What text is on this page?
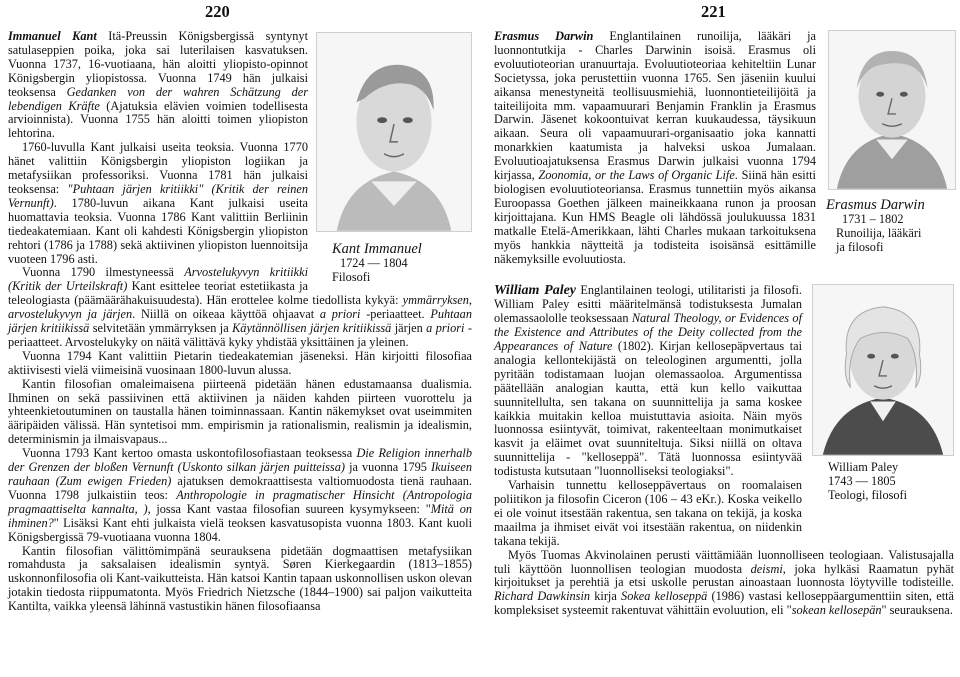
220
Kant Immanuel
1724 — 1804
Filosofi

Immanuel Kant Itä-Preussin Königsbergissä syntynyt satulaseppien poika, joka sai luterilaisen kasvatuksen. Vuonna 1737, 16-vuotiaana, hän aloitti yliopisto-opinnot Königsbergin yliopistossa. Vuonna 1749 hän julkaisi teoksensa Gedanken von der wahren Schätzung der lebendigen Kräfte (Ajatuksia elävien voimien todellisesta arvioinnista). Vuonna 1755 hän aloitti toimen yliopiston lehtorina.

1760-luvulla Kant julkaisi useita teoksia. Vuonna 1770 hänet valittiin Königsbergin yliopiston logiikan ja metafysiikan professoriksi. Vuonna 1781 hän julkaisi teoksensa: "Puhtaan järjen kritiikki" (Kritik der reinen Vernunft). 1780-luvun aikana Kant julkaisi useita huomattavia teoksia. Vuonna 1786 Kant valittiin Berliinin tiedeakatemiaan. Kant oli kahdesti Königsbergin yliopiston rehtori (1786 ja 1788) sekä aktiivinen yliopiston luennoitsija vuoteen 1796 asti.

Vuonna 1790 ilmestyneessä Arvostelukyvyn kritiikki (Kritik der Urteilskraft) Kant esittelee teoriat estetiikasta ja teleologiasta (päämäärähakuisuudesta). Hän erottelee kolme tiedollista kykyä: ymmärryksen, arvostelukyvyn ja järjen. Niillä on oikeaa käyttöä ohjaavat a priori -periaatteet. Puhtaan järjen kritiikissä selvitetään ymmärryksen ja Käytännöllisen järjen kritiikissä järjen a priori -periaatteet. Arvostelukyky on näitä välittävä kyky yhdistää yksittäinen ja yleinen.

Vuonna 1794 Kant valittiin Pietarin tiedeakatemian jäseneksi. Hän kirjoitti filosofiaa aktiivisesti vielä viimeisinä vuosinaan 1800-luvun alussa.

Kantin filosofian omaleimaisena piirteenä pidetään hänen edustamaansa dualismia. Ihminen on sekä passiivinen että aktiivinen ja näiden kahden piirteen vuorottelu ja yhteenkietoutuminen on taustalla hänen toiminnassaan. Kantin näkemykset ovat useimmiten ääripäiden välissä. Hän syntetisoi mm. empirismin ja rationalismin, realismin ja idealismin, determinismin ja ilmaisvapaus...

Vuonna 1793 Kant kertoo omasta uskontofilosofiastaan teoksessa Die Religion innerhalb der Grenzen der bloßen Vernunft (Uskonto silkan järjen puitteissa) ja vuonna 1795 Ikuiseen rauhaan (Zum ewigen Frieden) ajatuksen demokraattisesta valtiomuodosta tienä rauhaan. Vuonna 1798 julkaistiin teos: Anthropologie in pragmatischer Hinsicht (Antropologia pragmaattiselta kannalta, ), jossa Kant vastaa filosofian suureen kysymykseen: "Mitä on ihminen?" Lisäksi Kant ehti julkaista vielä teoksen kasvatusopista vuonna 1803. Kant kuoli Königsbergissä 79-vuotiaana vuonna 1804.

Kantin filosofian välittömimpänä seurauksena pidetään dogmaattisen metafysiikan romahdusta ja saksalaisen idealismin syntyä. Søren Kierkegaardin (1813–1855) uskonnonfilosofia oli Kant-vaikutteista. Hän katsoi Kantin tapaan uskonnollisen uskon olevan jotakin tiedosta riippumatonta. Myös Friedrich Nietzsche (1844–1900) sai paljon vaikutteita Kantilta, vaikka yleensä lähinnä vastustikin hänen filosofiaansa

221
Erasmus Darwin
1731 – 1802
Runoilija, lääkäri
ja filosofi

Erasmus Darwin Englantilainen runoilija, lääkäri ja luonnontutkija - Charles Darwinin isoisä. Erasmus oli evoluutioteorian uranuurtaja. Evoluutioteoriaa kehiteltiin Lunar Societyssa, joka perustettiin vuonna 1765. Sen jäseniin kuului aikansa menestyneitä teollisuusmiehiä, luonnontieteilijöitä ja taiteilijoita mm. vapaamuurari Benjamin Franklin ja Erasmus Darwin. Jäsenet kokoontuivat kerran kuukaudessa, täysikuun aikaan. Seura oli vapaamuurari-organisaatio joka kannatti monarkkien kaatumista ja halveksi uskoa Jumalaan. Evoluutioajatuksensa Erasmus Darwin julkaisi vuonna 1794 kirjassa, Zoonomia, or the Laws of Organic Life. Siinä hän esitti biologisen evoluutioteoriansa. Erasmus tunnettiin myös aikansa Euroopassa Goethen jälkeen maineikkaana runon ja proosan kirjoittajana. Kun HMS Beagle oli lähdössä joulukuussa 1831 matkalle Etelä-Amerikkaan, lähti Charles mukaan tarkoituksena myös hankkia näytteitä ja todisteita isoisänsä esittämille näkemyksille evoluutiosta.

William Paley
1743 — 1805
Teologi, filosofi

William Paley Englantilainen teologi, utilitaristi ja filosofi. William Paley esitti määritelmänsä todistuksesta Jumalan olemassaololle teoksessaan Natural Theology, or Evidences of the Existence and Attributes of the Deity collected from the Appearances of Nature (1802). Kirjan kellosepäpvertaus tai analogia kellontekijästä on teleologinen argumentti, jolla pyritään todistamaan luojan olemassaoloa. Argumentissa päätellään analogian kautta, että kun kello vaikuttaa suunnitellulta, sen takana on suunnittelija ja sama koskee kaikkia muitakin kelloa muistuttavia asioita. Näin myös luonnossa esiintyvät, toimivat, rakenteeltaan monimutkaiset kasvit ja eläimet ovat suunniteltuja. Siksi niillä on oltava suunnittelija - "kelloseppä". Tätä luonnossa esiintyvää todistusta kutsutaan "luonnolliseksi teologiaksi".

Varhaisin tunnettu kelloseppävertaus on roomalaisen poliitikon ja filosofin Ciceron (106 – 43 eKr.). Koska veikello ei ole voinut itsestään rakentua, sen takana on tekijä, ja koska maailma ja ihmiset eivät voi itsestään rakentua, on niidenkin takana tekijä.

Myös Tuomas Akvinolainen perusti väittämiään luonnolliseen teologiaan. Valistusajalla tuli käyttöön luonnollisen teologian muodosta deismi, joka hylkäsi Raamatun pyhät kirjoitukset ja perehtiä ja etsi uskolle perustan ainoastaan luonnosta löytyville todisteille. Richard Dawkinsin kirja Sokea kelloseppä (1986) vastasi kelloseppäargumenttiin siten, että kompleksiset systeemit rakentuvat vähittäin evoluution, eli "sokean kellosepän" seurauksena.
